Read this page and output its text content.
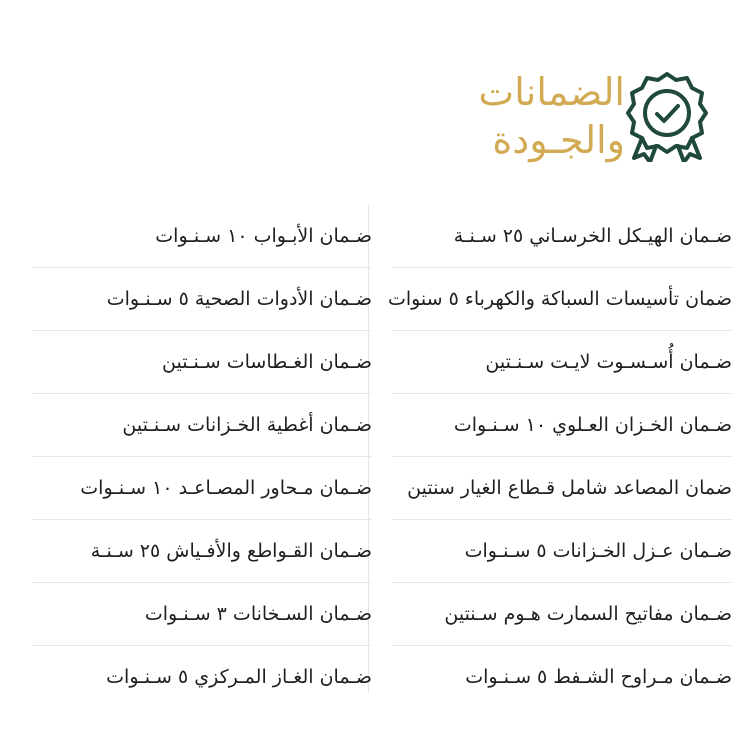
الضمانات
والجـودة
ضـمان الهيـكل الخرسـاني ٢٥ سـنـة
ضمان تأسيسات السباكة والكهرباء ٥ سنوات
ضـمان أُسـسـوت لايـت سـنـتين
ضـمان الخـزان العـلوي ١٠ سـنـوات
ضمان المصاعد شامل قـطاع الغيار سنتين
ضـمان عـزل الخـزانات ٥ سـنـوات
ضـمان مفاتيح السمارت هـوم سـنتين
ضـمان مـراوح الشـفط ٥ سـنـوات
ضـمان الأبـواب ١٠ سـنـوات
ضـمان الأدوات الصحية ٥ سـنـوات
ضـمان الغـطاسات سـنـتين
ضـمان أغطية الخـزانات سـنـتين
ضـمان مـحاور المصـاعـد ١٠ سـنـوات
ضـمان القـواطع والأفـياش ٢٥ سـنـة
ضـمان السـخانات ٣ سـنـوات
ضـمان الغـاز المـركزي ٥ سـنـوات
